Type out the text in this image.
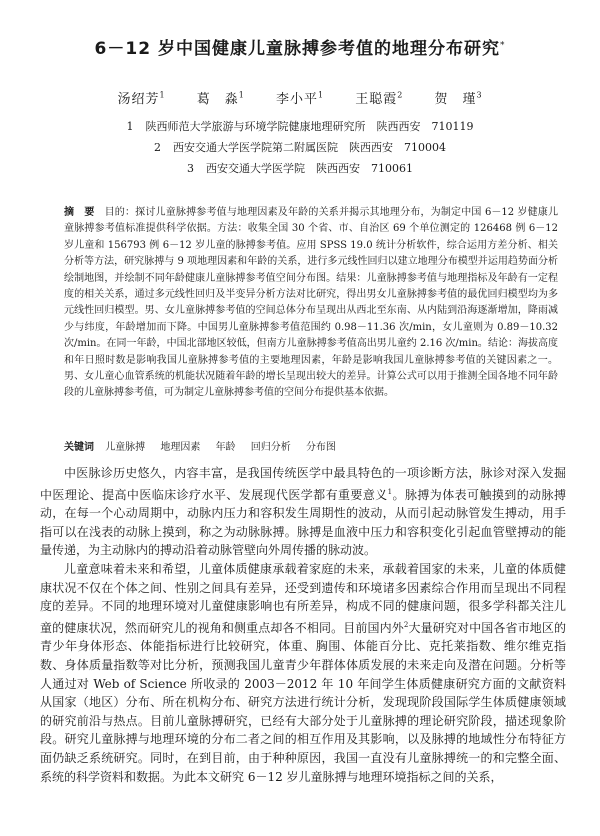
6－12 岁中国健康儿童脉搏参考值的地理分布研究*
汤绍芳$^1$ 葛　淼$^1$ 李小平$^1$ 王聪霞$^2$ 贺　瑾$^3$
1 陕西师范大学旅游与环境学院健康地理研究所　陕西西安　710119
2 西安交通大学医学院第二附属医院　陕西西安　710004
3 西安交通大学医学院　陕西西安　710061
摘　要 目的：探讨儿童脉搏参考值与地理因素及年龄的关系并揭示其地理分布，为制定中国 6－12 岁健康儿童脉搏参考值标准提供科学依据。方法：收集全国 30 个省、市、自治区 69 个单位测定的 126468 例 6－12 岁儿童和 156793 例 6－12 岁儿童的脉搏参考值。应用 SPSS 19.0 统计分析软件，综合运用方差分析、相关分析等方法，研究脉搏与 9 项地理因素和年龄的关系，进行多元线性回归以建立地理分布模型并运用趋势面分析绘制地图，并绘制不同年龄健康儿童脉搏参考值空间分布图。结果：儿童脉搏参考值与地理指标及年龄有一定程度的相关关系，通过多元线性回归及半变异分析方法对比研究，得出男女儿童脉搏参考值的最优回归模型均为多元线性回归模型。男、女儿童脉搏参考值的空间总体分布呈现出从西北至东南、从内陆到沿海逐渐增加，降雨减少与纬度，年龄增加而下降。中国男儿童脉搏参考值范围约 0.98－11.36 次/min，女儿童则为 0.89－10.32 次/min。在同一年龄，中国北部地区较低，但南方儿童脉搏参考值高出男儿童约 2.16 次/min。结论：海拔高度和年日照时数是影响我国儿童脉搏参考值的主要地理因素，年龄是影响我国儿童脉搏参考值的关键因素之一。男、女儿童心血管系统的机能状况随着年龄的增长呈现出较大的差异。计算公式可以用于推测全国各地不同年龄段的儿童脉搏参考值，可为制定儿童脉搏参考值的空间分布提供基本依据。
关键词 儿童脉搏 地理因素 年龄 回归分析 分布图

中医脉诊历史悠久，内容丰富，是我国传统医学中最具特色的一项诊断方法，脉诊对深入发掘中医理论、提高中医临床诊疗水平、发展现代医学都有重要意义$^1$。脉搏为体表可触摸到的动脉搏动，在每一个心动周期中，动脉内压力和容积发生周期性的波动，从而引起动脉管发生搏动，用手指可以在浅表的动脉上摸到，称之为动脉脉搏。脉搏是血液中压力和容积变化引起血管壁搏动的能量传递，为主动脉内的搏动沿着动脉管壁向外周传播的脉动波。

儿童意味着未来和希望，儿童体质健康承载着家庭的未来，承载着国家的未来，儿童的体质健康状况不仅在个体之间、性别之间具有差异，还受到遗传和环境诸多因素综合作用而呈现出不同程度的差异。不同的地理环境对儿童健康影响也有所差异，构成不同的健康问题，很多学科都关注儿童的健康状况，然而研究儿的视角和侧重点却各不相同。目前国内外$^2$大量研究对中国各省市地区的青少年身体形态、体能指标进行比较研究，体重、胸围、体能百分比、克托莱指数、维尔维克指数、身体质量指数等对比分析，预测我国儿童青少年群体体质发展的未来走向及潜在问题。分析等人通过对 Web of Science 所收录的 2003－2012 年 10 年间学生体质健康研究方面的文献资料从国家（地区）分布、所在机构分布、研究方法进行统计分析，发现现阶段国际学生体质健康领域的研究前沿与热点。目前儿童脉搏研究，已经有大部分处于儿童脉搏的理论研究阶段，描述现象阶段。研究儿童脉搏与地理环境的分布二者之间的相互作用及其影响，以及脉搏的地域性分布特征方面仍缺乏系统研究。同时，在到目前，由于种种原因，我国一直没有儿童脉搏统一的和完整全面、系统的科学资料和数据。为此本文研究 6－12 岁儿童脉搏与地理环境指标之间的关系，
